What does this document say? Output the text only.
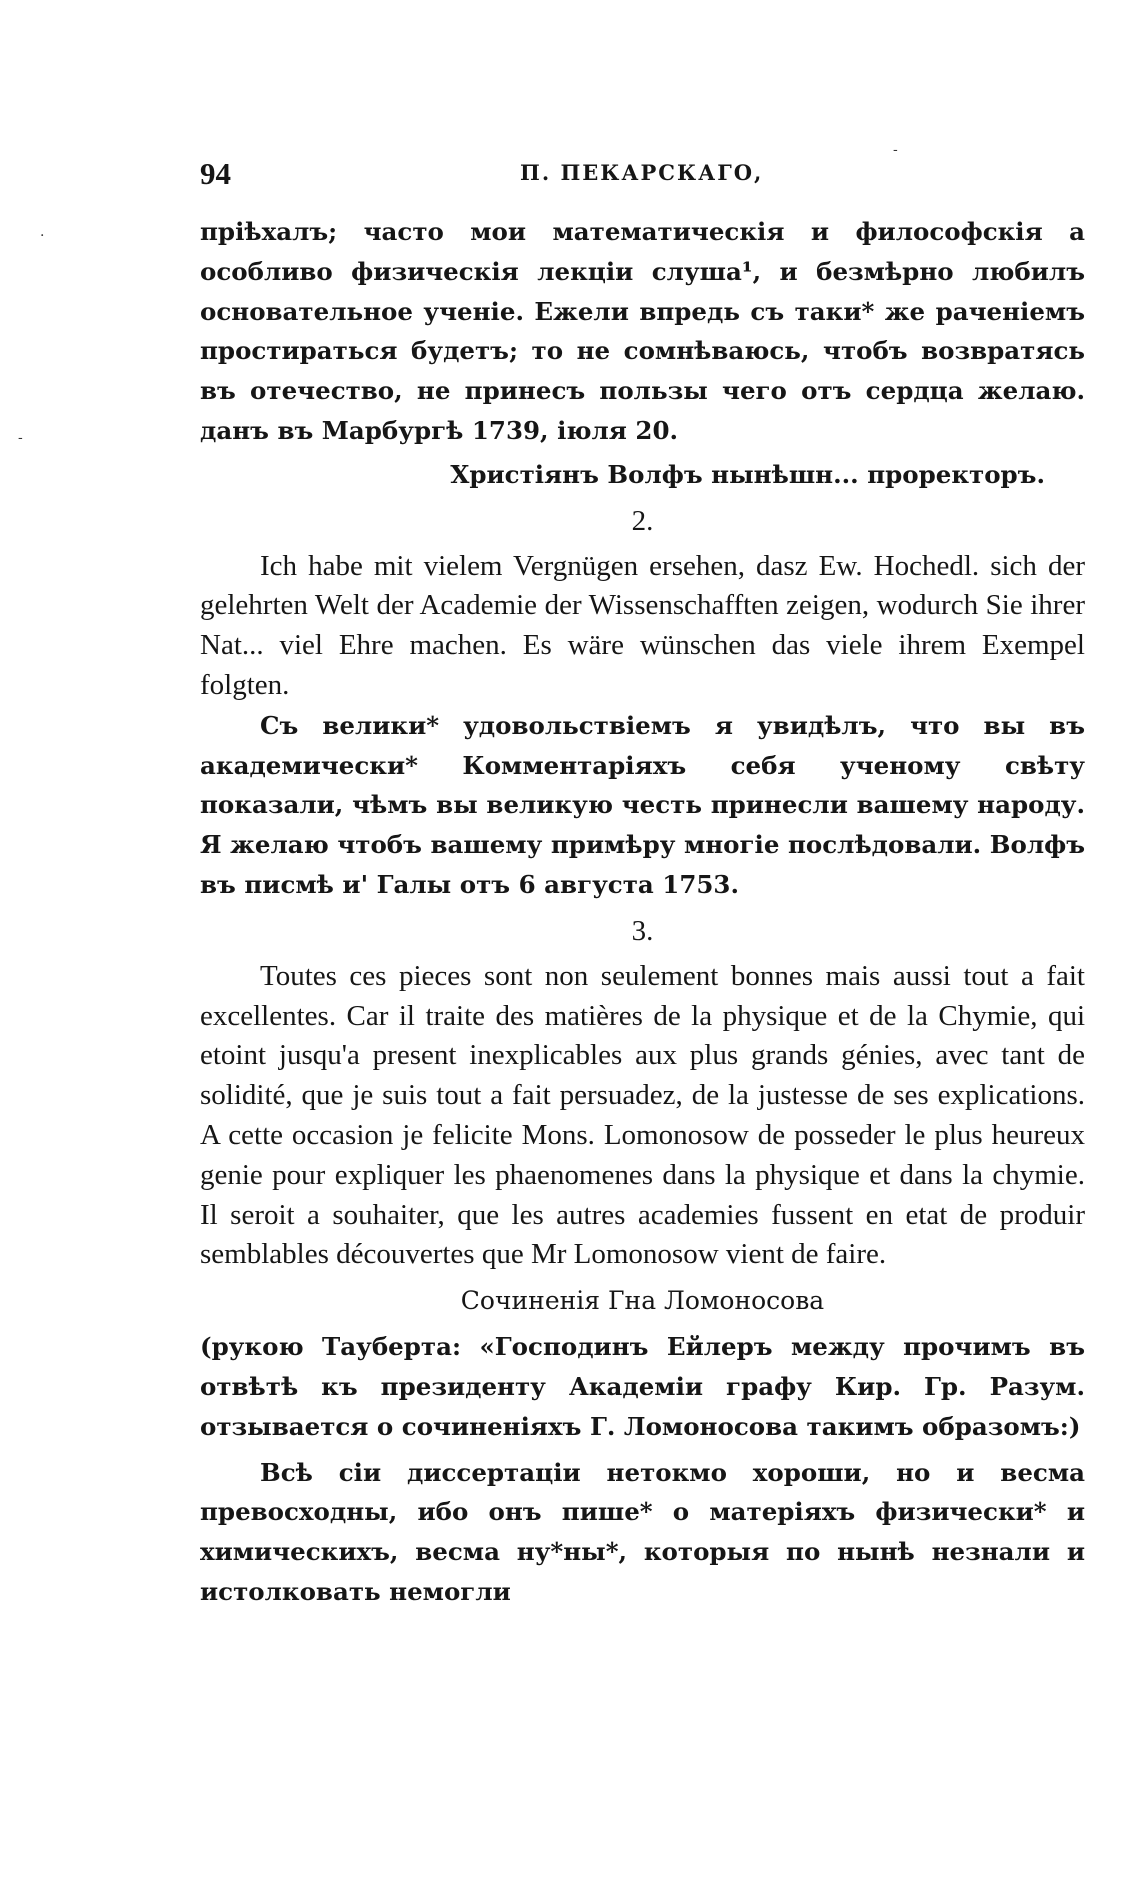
94	П. ПЕКАРСКАГО,

пріѣхалъ; часто мои математическія и философскія а особливо физическія лекціи слуша¹, и безмѣрно любилъ основательное ученіе. Ежели впредь съ таки* же раченіемъ простираться будетъ; то не сомнѣваюсь, чтобъ возвратясь въ отечество, не принесъ пользы чего отъ сердца желаю. данъ въ Марбургѣ 1739, іюля 20.

Христіянъ Волфъ нынѣшн... проректоръ.

2.

Ich habe mit vielem Vergnügen ersehen, dasz Ew. Hochedl. sich der gelehrten Welt der Academie der Wissenschafften zeigen, wodurch Sie ihrer Nat... viel Ehre machen. Es wäre wünschen das viele ihrem Exempel folgten.

Съ велики* удовольствіемъ я увидѣлъ, что вы въ академически* Комментаріяхъ себя ученому свѣту показали, чѣмъ вы великую честь принесли вашему народу. Я желаю чтобъ вашему примѣру многіе послѣдовали. Волфъ въ писмѣ и' Галы отъ 6 августа 1753.

3.

Toutes ces pieces sont non seulement bonnes mais aussi tout a fait excellentes. Car il traite des matières de la physique et de la Chymie, qui etoint jusqu'a present inexplicables aux plus grands génies, avec tant de solidité, que je suis tout a fait persuadez, de la justesse de ses explications. A cette occasion je felicite Mons. Lomonosow de posseder le plus heureux genie pour expliquer les phaenomenes dans la physique et dans la chymie. Il seroit a souhaiter, que les autres academies fussent en etat de produir semblables découvertes que Mr Lomonosow vient de faire.

Сочиненія Гна Ломоносова

(рукою Тауберта: «Господинъ Ейлеръ между прочимъ въ отвѣтѣ къ президенту Академіи графу Кир. Гр. Разум. отзывается о сочиненіяхъ Г. Ломоносова такимъ образомъ:)

Всѣ сіи диссертаціи нетокмо хороши, но и весма превосходны, ибо онъ пише* о матеріяхъ физически* и химическихъ, весма ну*ны*, которыя по нынѣ незнали и истолковать немогли

-
·
-
